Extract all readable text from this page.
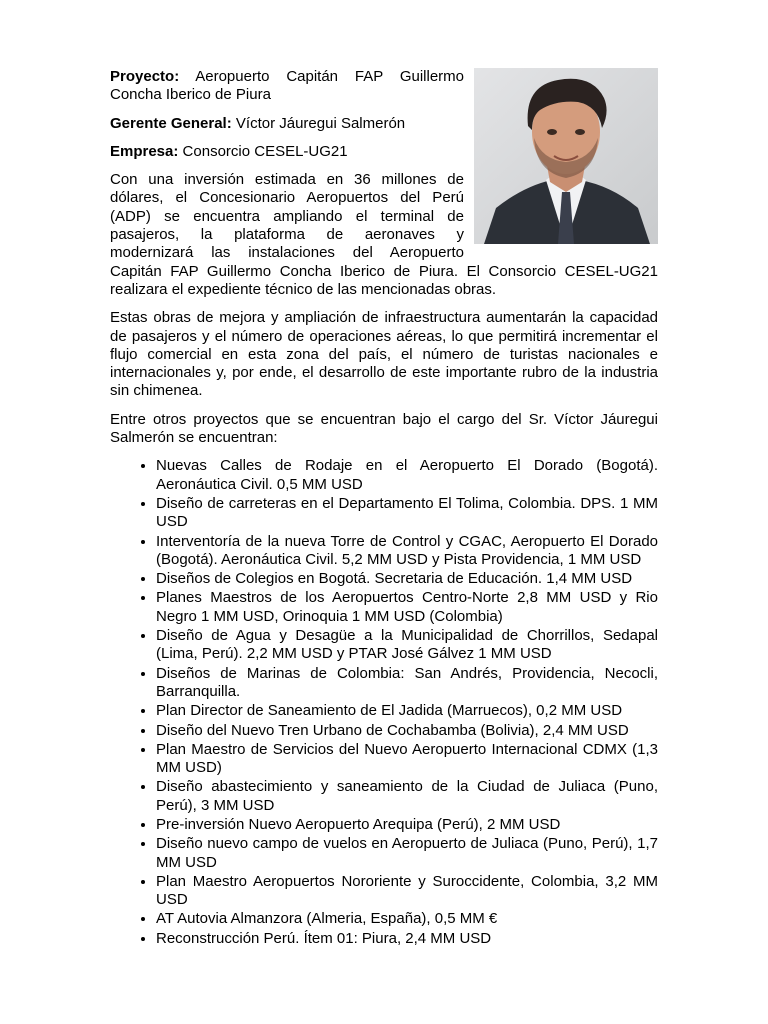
Proyecto: Aeropuerto Capitán FAP Guillermo Concha Iberico de Piura

Gerente General: Víctor Jáuregui Salmerón

Empresa: Consorcio CESEL-UG21

Con una inversión estimada en 36 millones de dólares, el Concesionario Aeropuertos del Perú (ADP) se encuentra ampliando el terminal de pasajeros, la plataforma de aeronaves y modernizará las instalaciones del Aeropuerto Capitán FAP Guillermo Concha Iberico de Piura. El Consorcio CESEL-UG21 realizara el expediente técnico de las mencionadas obras.

Estas obras de mejora y ampliación de infraestructura aumentarán la capacidad de pasajeros y el número de operaciones aéreas, lo que permitirá incrementar el flujo comercial en esta zona del país, el número de turistas nacionales e internacionales y, por ende, el desarrollo de este importante rubro de la industria sin chimenea.

Entre otros proyectos que se encuentran bajo el cargo del Sr. Víctor Jáuregui Salmerón se encuentran:

• Nuevas Calles de Rodaje en el Aeropuerto El Dorado (Bogotá). Aeronáutica Civil. 0,5 MM USD
• Diseño de carreteras en el Departamento El Tolima, Colombia. DPS. 1 MM USD
• Interventoría de la nueva Torre de Control y CGAC, Aeropuerto El Dorado (Bogotá). Aeronáutica Civil. 5,2 MM USD y Pista Providencia, 1 MM USD
• Diseños de Colegios en Bogotá. Secretaria de Educación. 1,4 MM USD
• Planes Maestros de los Aeropuertos Centro-Norte 2,8 MM USD y Rio Negro 1 MM USD, Orinoquia 1 MM USD (Colombia)
• Diseño de Agua y Desagüe a la Municipalidad de Chorrillos, Sedapal (Lima, Perú). 2,2 MM USD y PTAR José Gálvez 1 MM USD
• Diseños de Marinas de Colombia: San Andrés, Providencia, Necocli, Barranquilla.
• Plan Director de Saneamiento de El Jadida (Marruecos), 0,2 MM USD
• Diseño del Nuevo Tren Urbano de Cochabamba (Bolivia), 2,4 MM USD
• Plan Maestro de Servicios del Nuevo Aeropuerto Internacional CDMX (1,3 MM USD)
• Diseño abastecimiento y saneamiento de la Ciudad de Juliaca (Puno, Perú), 3 MM USD
• Pre-inversión Nuevo Aeropuerto Arequipa (Perú), 2 MM USD
• Diseño nuevo campo de vuelos en Aeropuerto de Juliaca (Puno, Perú), 1,7 MM USD
• Plan Maestro Aeropuertos Nororiente y Suroccidente, Colombia, 3,2 MM USD
• AT Autovia Almanzora (Almeria, España), 0,5 MM €
• Reconstrucción Perú. Ítem 01: Piura, 2,4 MM USD
